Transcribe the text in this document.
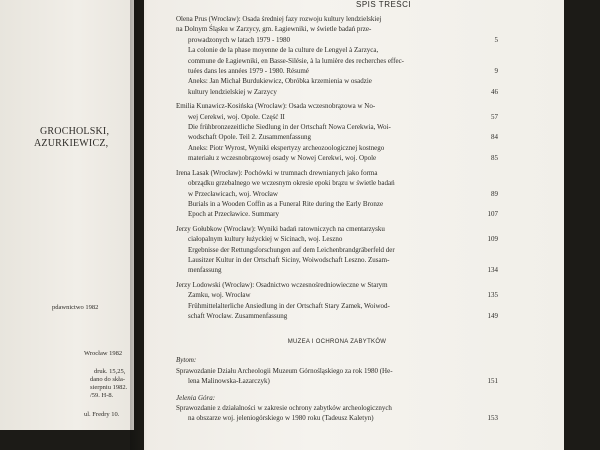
GROCHOLSKI,
AZURKIEWICZ,
pdawnictwo 1982
Wrocław 1982
druk. 15,25,
dano do skła-
sierpniu 1982.
/59. H-8.
ul. Fredry 10.
SPIS TREŚCI
Olena Prus (Wrocław): Osada średniej fazy rozwoju kultury lendzielskiej
na Dolnym Śląsku w Zarzycy, gm. Łagiewniki, w świetle badań prze-
prowadzonych w latach 1979 - 1980	5
La colonie de la phase moyenne de la culture de Lengyel à Zarzyca,
commune de Łagiewniki, en Basse-Silésie, à la lumière des recherches effec-
tuées dans les années 1979 - 1980. Résumé	9
Aneks: Jan Michał Burdukiewicz, Obróbka krzemienia w osadzie
kultury lendzielskiej w Zarzycy	46
Emilia Kunawicz-Kosińska (Wrocław): Osada wczesnobrązowa w No-
wej Cerekwi, woj. Opole. Część II	57
Die frühbronzezeitliche Siedlung in der Ortschaft Nowa Cerekwia, Woi-
wodschaft Opole. Teil 2. Zusammenfassung	84
Aneks: Piotr Wyrost, Wyniki ekspertyzy archeozoologicznej kostnego
materiału z wczesnobrązowej osady w Nowej Cerekwi, woj. Opole	85
Irena Lasak (Wrocław): Pochówki w trumnach drewnianych jako forma
obrządku grzebalnego we wczesnym okresie epoki brązu w świetle badań
w Przecławicach, woj. Wrocław	89
Burials in a Wooden Coffin as a Funeral Rite during the Early Bronze
Epoch at Przecławice. Summary	107
Jerzy Gołubkow (Wrocław): Wyniki badań ratowniczych na cmentarzysku
ciałopalnym kultury łużyckiej w Sicinach, woj. Leszno	109
Ergebnisse der Rettungsforschungen auf dem Leichenbrandgräberfeld der
Lausitzer Kultur in der Ortschaft Siciny, Woiwodschaft Leszno. Zusam-
menfassung	134
Jerzy Lodowski (Wrocław): Osadnictwo wczesnośredniowieczne w Starym
Zamku, woj. Wrocław	135
Frühmittelalterliche Ansiedlung in der Ortschaft Stary Zamek, Woiwod-
schaft Wrocław. Zusammenfassung	149
MUZEA I OCHRONA ZABYTKÓW
Bytom:
Sprawozdanie Działu Archeologii Muzeum Górnośląskiego za rok 1980 (He-
lena Malinowska-Łazarczyk)	151
Jelenia Góra:
Sprawozdanie z działalności w zakresie ochrony zabytków archeologicznych
na obszarze woj. jeleniogórskiego w 1980 roku (Tadeusz Kaletyn)	153
